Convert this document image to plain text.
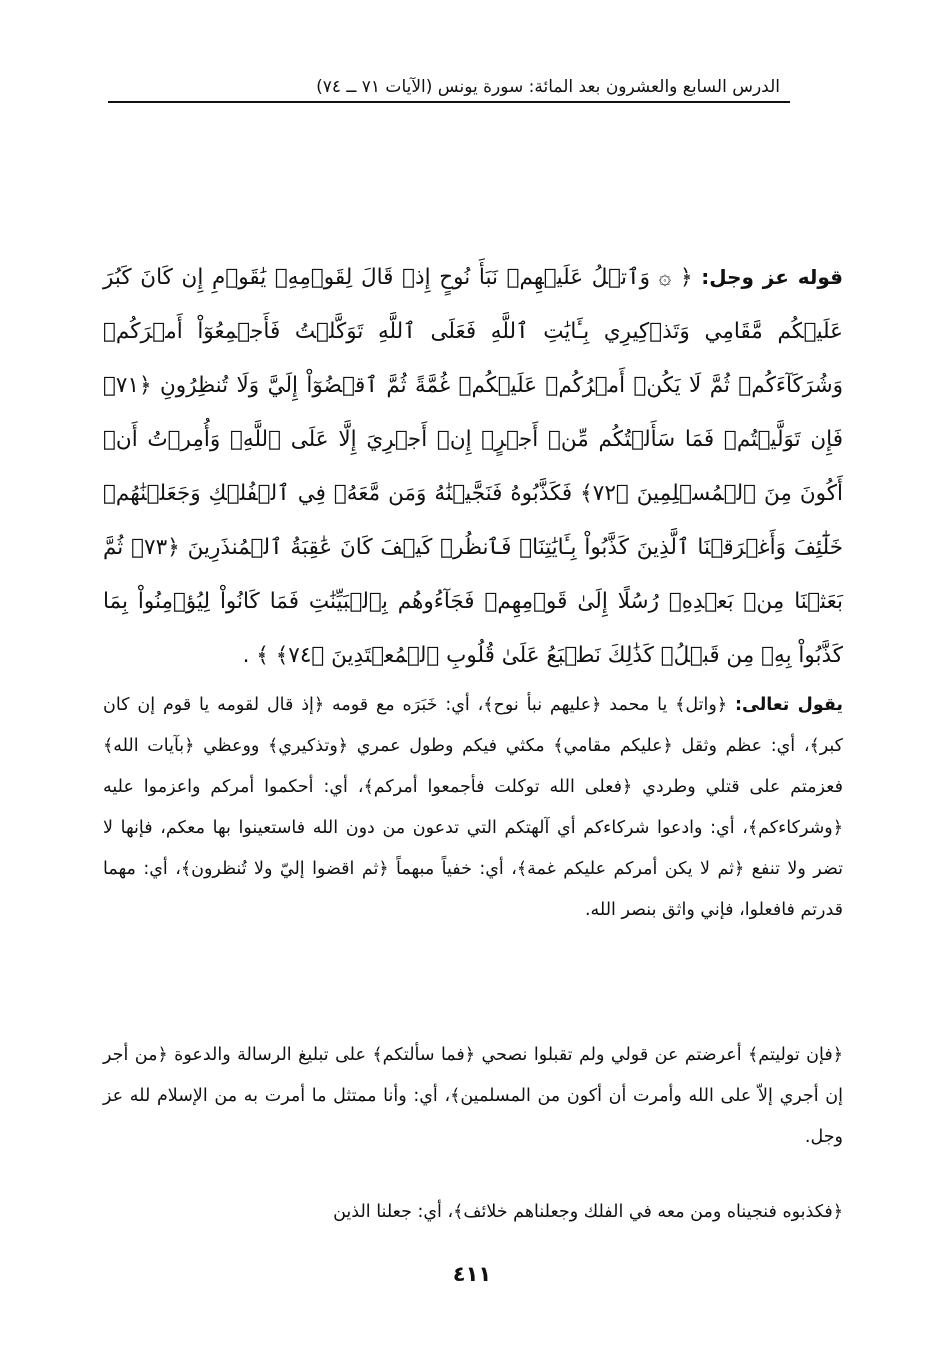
الدرس السابع والعشرون بعد المائة: سورة يونس (الآيات ٧١ ــ ٧٤)
قوله عز وجل: ﴿ ۞ وَٱتۡلُ عَلَيۡهِمۡ نَبَأَ نُوحٍ إِذۡ قَالَ لِقَوۡمِهِۦ يَٰقَوۡمِ إِن كَانَ كَبُرَ عَلَيۡكُم مَّقَامِي وَتَذۡكِيرِي بِـَٔايَٰتِ ٱللَّهِ فَعَلَى ٱللَّهِ تَوَكَّلۡتُ فَأَجۡمِعُوٓاْ أَمۡرَكُمۡ وَشُرَكَآءَكُمۡ ثُمَّ لَا يَكُنۡ أَمۡرُكُمۡ عَلَيۡكُمۡ غُمَّةً ثُمَّ ٱقۡضُوٓاْ إِلَيَّ وَلَا تُنظِرُونِ ﴿٧١﴾ فَإِن تَوَلَّيۡتُمۡ فَمَا سَأَلۡتُكُم مِّنۡ أَجۡرٍۖ إِنۡ أَجۡرِيَ إِلَّا عَلَى ٱللَّهِۖ وَأُمِرۡتُ أَنۡ أَكُونَ مِنَ ٱلۡمُسۡلِمِينَ ﴿٧٢﴾ فَكَذَّبُوهُ فَنَجَّيۡنَٰهُ وَمَن مَّعَهُۥ فِي ٱلۡفُلۡكِ وَجَعَلۡنَٰهُمۡ خَلَٰٓئِفَ وَأَغۡرَقۡنَا ٱلَّذِينَ كَذَّبُواْ بِـَٔايَٰتِنَاۖ فَٱنظُرۡ كَيۡفَ كَانَ عَٰقِبَةُ ٱلۡمُنذَرِينَ ﴿٧٣﴾ ثُمَّ بَعَثۡنَا مِنۢ بَعۡدِهِۦ رُسُلًا إِلَىٰ قَوۡمِهِمۡ فَجَآءُوهُم بِٱلۡبَيِّنَٰتِ فَمَا كَانُواْ لِيُؤۡمِنُواْ بِمَا كَذَّبُواْ بِهِۦ مِن قَبۡلُۚ كَذَٰلِكَ نَطۡبَعُ عَلَىٰ قُلُوبِ ٱلۡمُعۡتَدِينَ ﴿٧٤﴾ ﴾ .
يقول تعالى: ﴿واتل﴾ يا محمد ﴿عليهم نبأ نوح﴾، أي: خَبَرَه مع قومه ﴿إذ قال لقومه يا قوم إن كان كبر﴾، أي: عظم وثقل ﴿عليكم مقامي﴾ مكثي فيكم وطول عمري ﴿وتذكيري﴾ ووعظي ﴿بآيات الله﴾ فعزمتم على قتلي وطردي ﴿فعلى الله توكلت فأجمعوا أمركم﴾، أي: أحكموا أمركم واعزموا عليه ﴿وشركاءكم﴾، أي: وادعوا شركاءكم أي آلهتكم التي تدعون من دون الله فاستعينوا بها معكم، فإنها لا تضر ولا تنفع ﴿ثم لا يكن أمركم عليكم غمة﴾، أي: خفياً مبهماً ﴿ثم اقضوا إليّ ولا تُنظرون﴾، أي: مهما قدرتم فافعلوا، فإني واثق بنصر الله.
﴿فإن توليتم﴾ أعرضتم عن قولي ولم تقبلوا نصحي ﴿فما سألتكم﴾ على تبليغ الرسالة والدعوة ﴿من أجر إن أجري إلاّ على الله وأمرت أن أكون من المسلمين﴾، أي: وأنا ممتثل ما أمرت به من الإسلام لله عز وجل.
﴿فكذبوه فنجيناه ومن معه في الفلك وجعلناهم خلائف﴾، أي: جعلنا الذين
٤١١
